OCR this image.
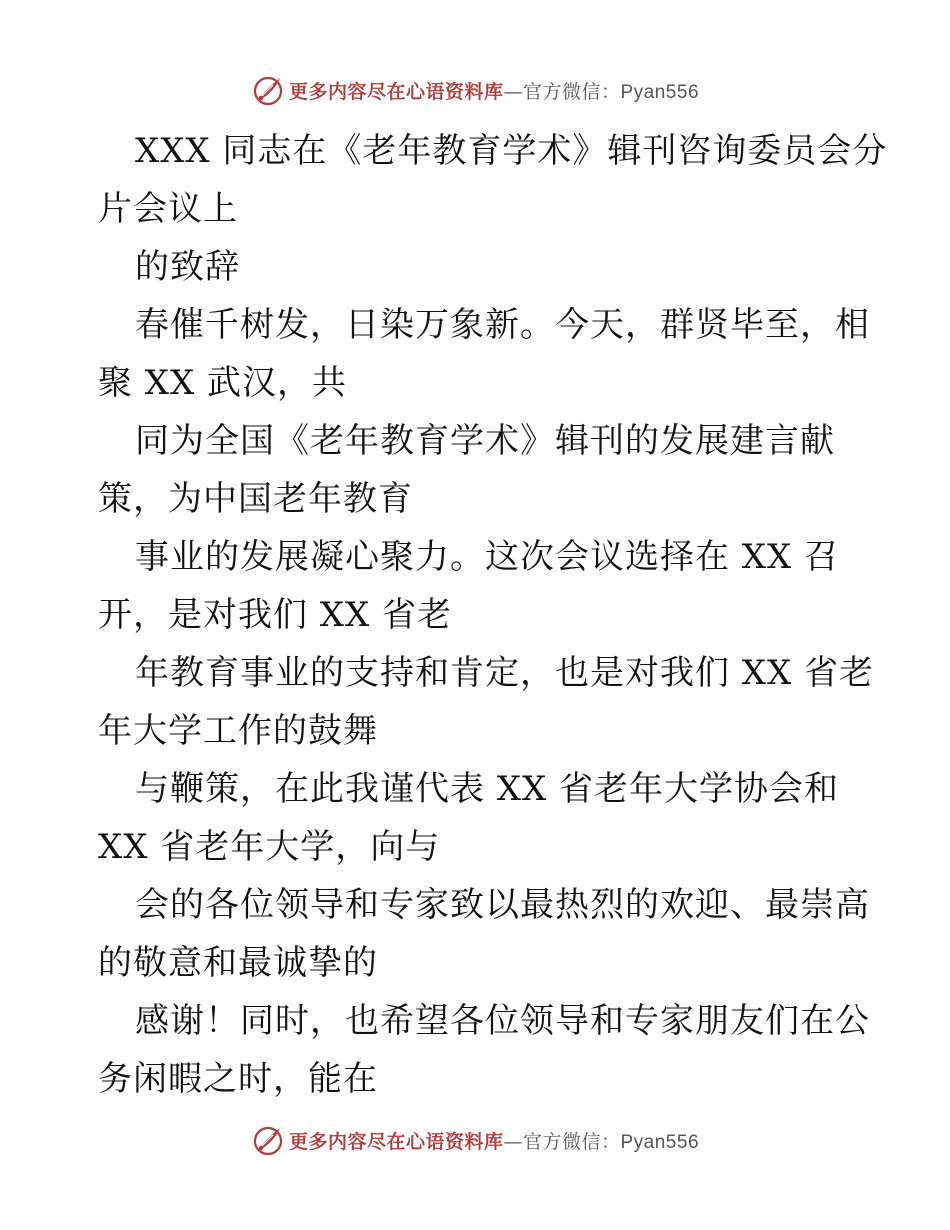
更多内容尽在心语资料库—官方微信：Pyan556
XXX 同志在《老年教育学术》辑刊咨询委员会分
片会议上
的致辞
春催千树发，日染万象新。今天，群贤毕至，相
聚 XX 武汉，共
同为全国《老年教育学术》辑刊的发展建言献
策，为中国老年教育
事业的发展凝心聚力。这次会议选择在 XX 召
开，是对我们 XX 省老
年教育事业的支持和肯定，也是对我们 XX 省老
年大学工作的鼓舞
与鞭策，在此我谨代表 XX 省老年大学协会和
XX 省老年大学，向与
会的各位领导和专家致以最热烈的欢迎、最崇高
的敬意和最诚挚的
感谢！同时，也希望各位领导和专家朋友们在公
务闲暇之时，能在
更多内容尽在心语资料库—官方微信：Pyan556
